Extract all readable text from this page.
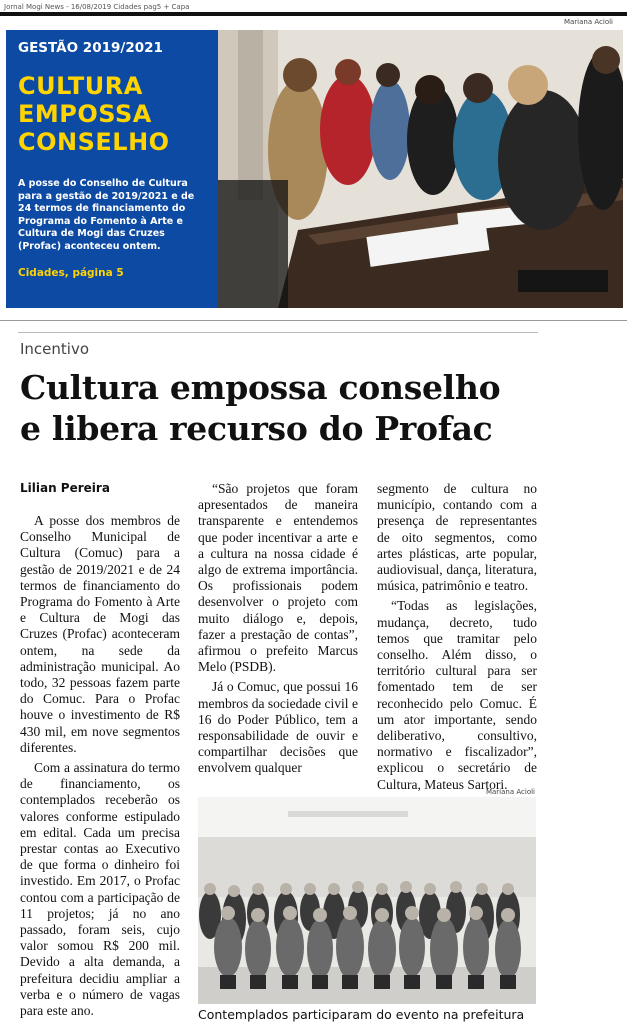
Jornal Mogi News - 16/08/2019 Cidades pag5 + Capa
Mariana Acioli
GESTÃO 2019/2021
CULTURA
EMPOSSA
CONSELHO
A posse do Conselho de Cultura para a gestão de 2019/2021 e de 24 termos de financiamento do Programa do Fomento à Arte e Cultura de Mogi das Cruzes (Profac) aconteceu ontem.
Cidades, página 5
Incentivo
Cultura empossa conselho
e libera recurso do Profac
Lilian Pereira

A posse dos membros de Conselho Municipal de Cultura (Comuc) para a gestão de 2019/2021 e de 24 termos de financiamento do Programa do Fomento à Arte e Cultura de Mogi das Cruzes (Profac) aconteceram ontem, na sede da administração municipal. Ao todo, 32 pessoas fazem parte do Comuc. Para o Profac houve o investimento de R$ 430 mil, em nove segmentos diferentes.

Com a assinatura do termo de financiamento, os contemplados receberão os valores conforme estipulado em edital. Cada um precisa prestar contas ao Executivo de que forma o dinheiro foi investido. Em 2017, o Profac contou com a participação de 11 projetos; já no ano passado, foram seis, cujo valor somou R$ 200 mil. Devido a alta demanda, a prefeitura decidiu ampliar a verba e o número de vagas para este ano.

“São projetos que foram apresentados de maneira transparente e entendemos que poder incentivar a arte e a cultura na nossa cidade é algo de extrema importância. Os profissionais podem desenvolver o projeto com muito diálogo e, depois, fazer a prestação de contas”, afirmou o prefeito Marcus Melo (PSDB).

Já o Comuc, que possui 16 membros da sociedade civil e 16 do Poder Público, tem a responsabilidade de ouvir e compartilhar decisões que envolvem qualquer

segmento de cultura no município, contando com a presença de representantes de oito segmentos, como artes plásticas, arte popular, audiovisual, dança, literatura, música, patrimônio e teatro.

“Todas as legislações, mudança, decreto, tudo temos que tramitar pelo conselho. Além disso, o território cultural para ser fomentado tem de ser reconhecido pelo Comuc. É um ator importante, sendo deliberativo, consultivo, normativo e fiscalizador”, explicou o secretário de Cultura, Mateus Sartori.

Mariana Acioli
Contemplados participaram do evento na prefeitura
